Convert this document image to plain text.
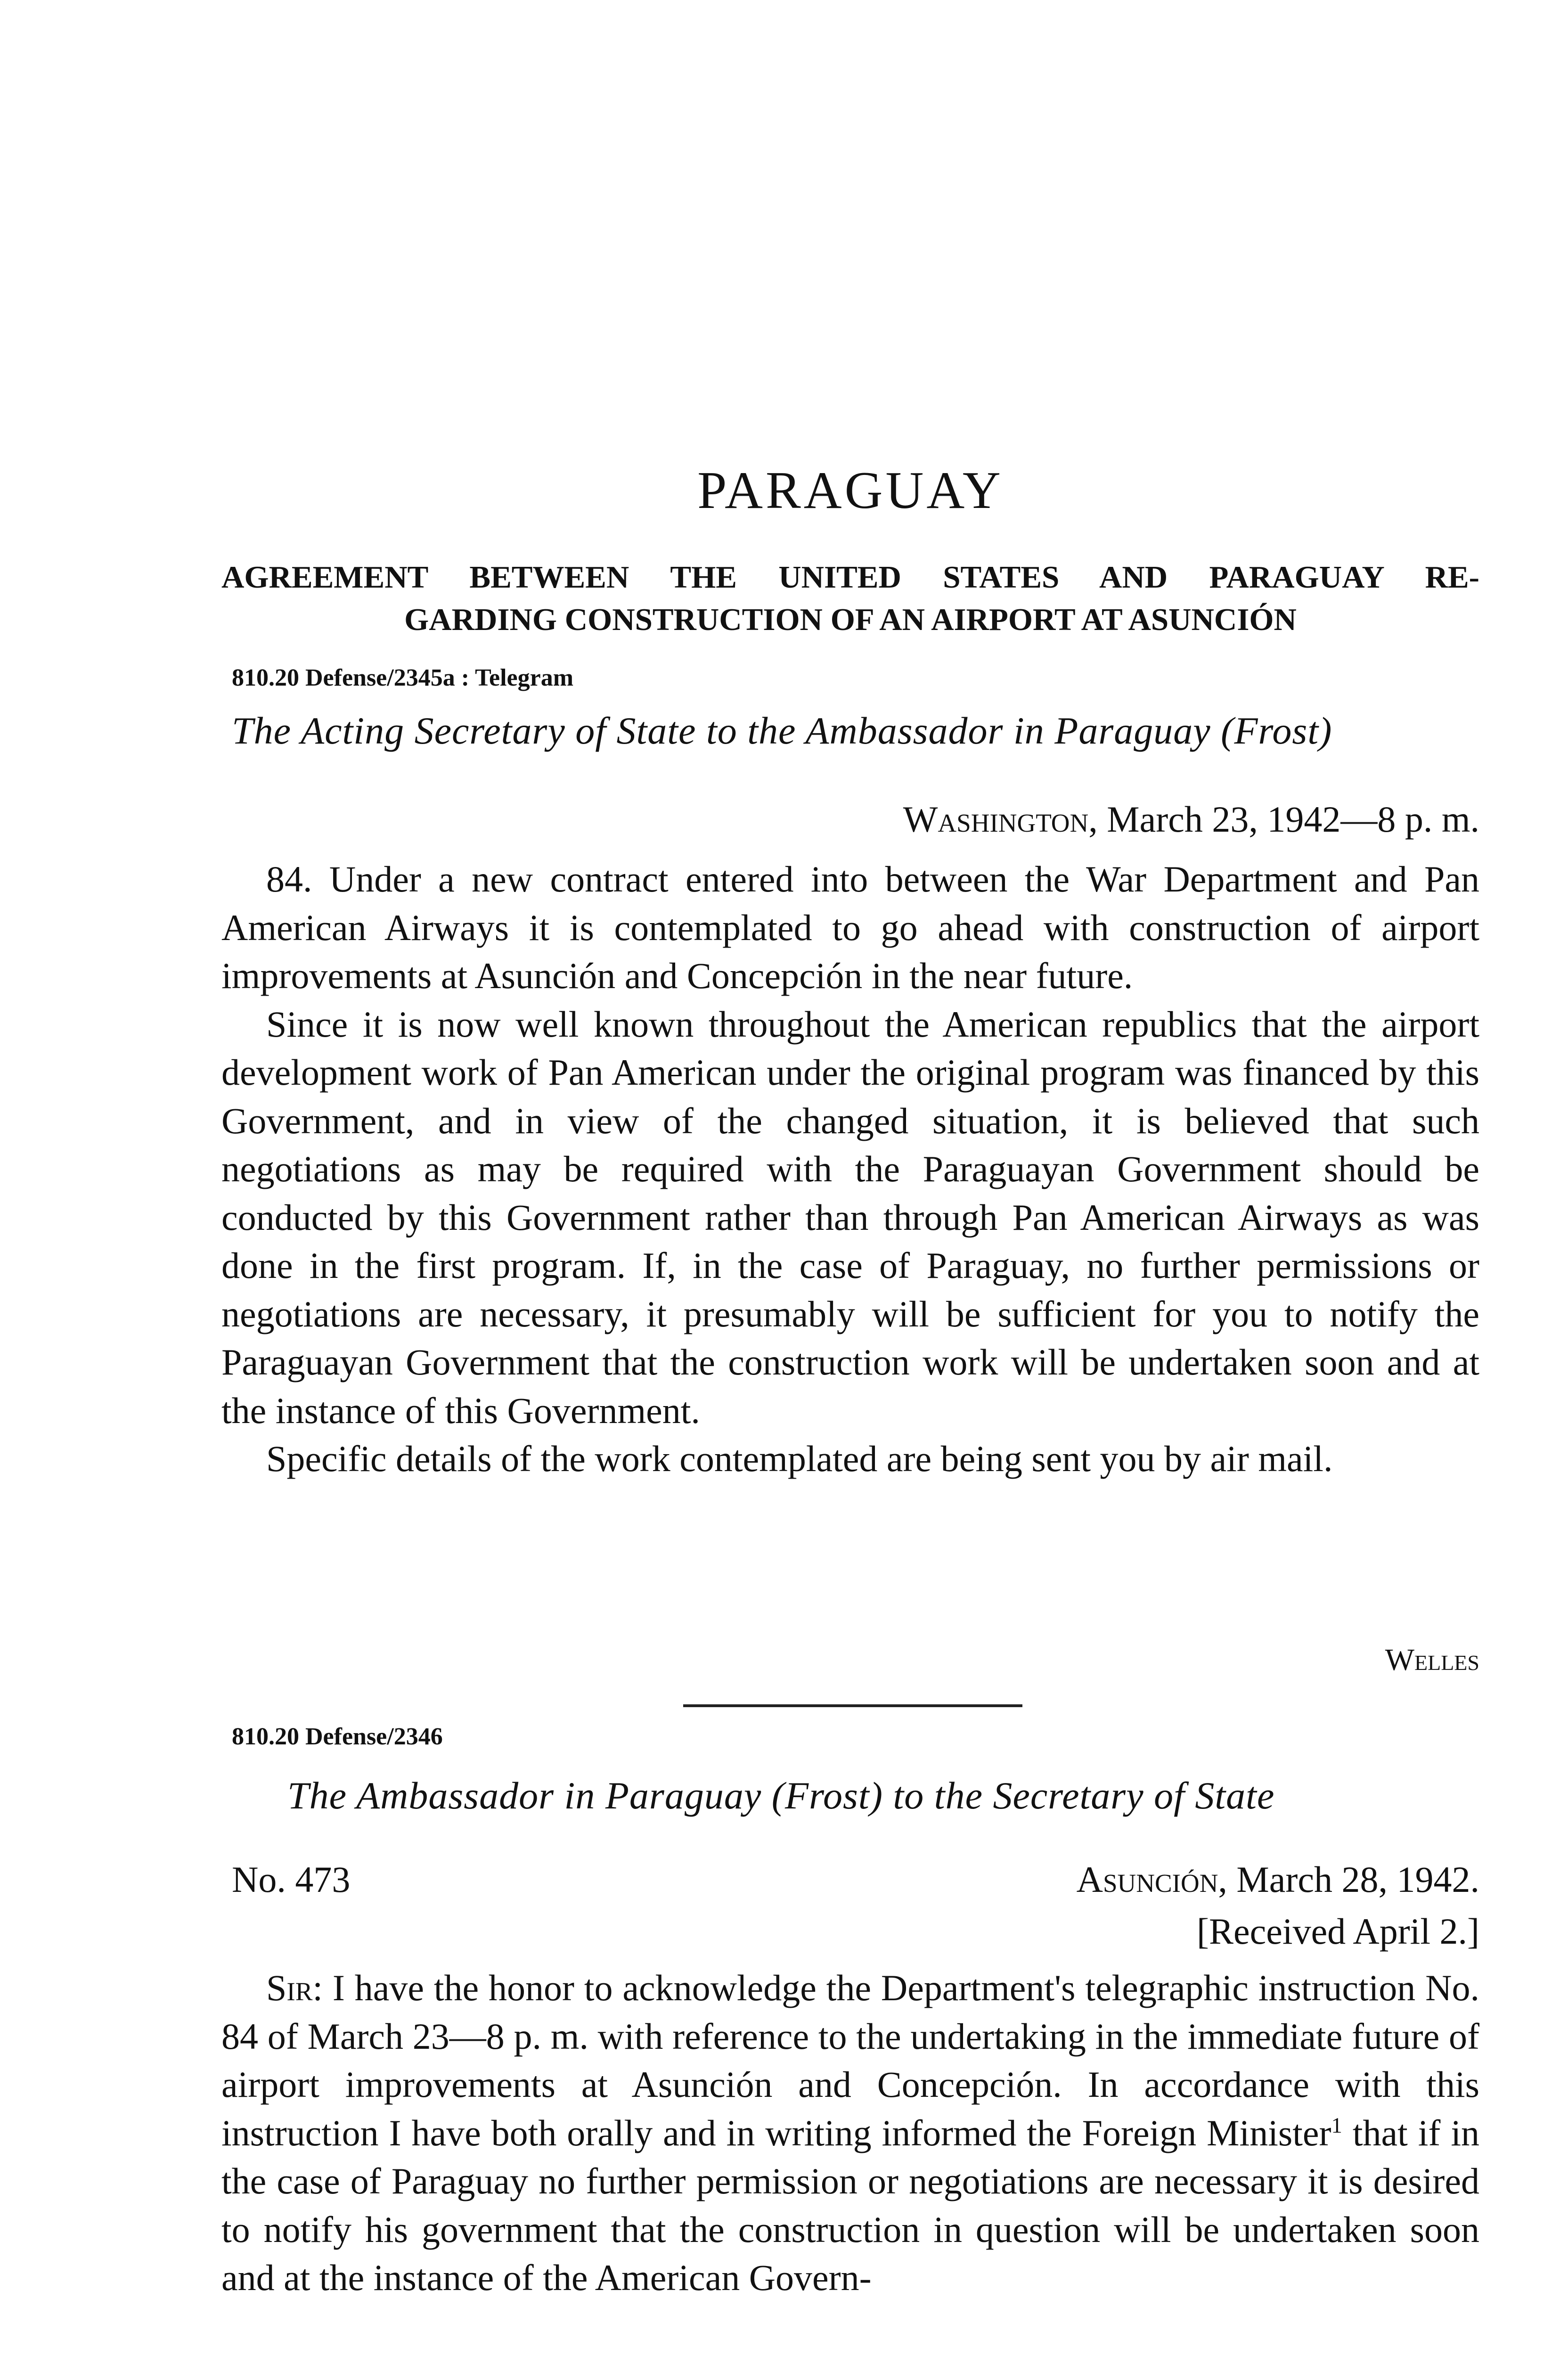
PARAGUAY
AGREEMENT BETWEEN THE UNITED STATES AND PARAGUAY RE-
GARDING CONSTRUCTION OF AN AIRPORT AT ASUNCIÓN
810.20 Defense/2345a : Telegram
The Acting Secretary of State to the Ambassador in Paraguay (Frost)
Washington, March 23, 1942—8 p. m.

84. Under a new contract entered into between the War Department and Pan American Airways it is contemplated to go ahead with construction of airport improvements at Asunción and Concepción in the near future.

Since it is now well known throughout the American republics that the airport development work of Pan American under the original program was financed by this Government, and in view of the changed situation, it is believed that such negotiations as may be required with the Paraguayan Government should be conducted by this Government rather than through Pan American Airways as was done in the first program. If, in the case of Paraguay, no further permissions or negotiations are necessary, it presumably will be sufficient for you to notify the Paraguayan Government that the construction work will be undertaken soon and at the instance of this Government.

Specific details of the work contemplated are being sent you by air mail.

Welles
810.20 Defense/2346
The Ambassador in Paraguay (Frost) to the Secretary of State
No. 473	Asunción, March 28, 1942.
[Received April 2.]

Sir: I have the honor to acknowledge the Department's telegraphic instruction No. 84 of March 23—8 p. m. with reference to the undertaking in the immediate future of airport improvements at Asunción and Concepción. In accordance with this instruction I have both orally and in writing informed the Foreign Minister$^1$ that if in the case of Paraguay no further permission or negotiations are necessary it is desired to notify his government that the construction in question will be undertaken soon and at the instance of the American Govern-
